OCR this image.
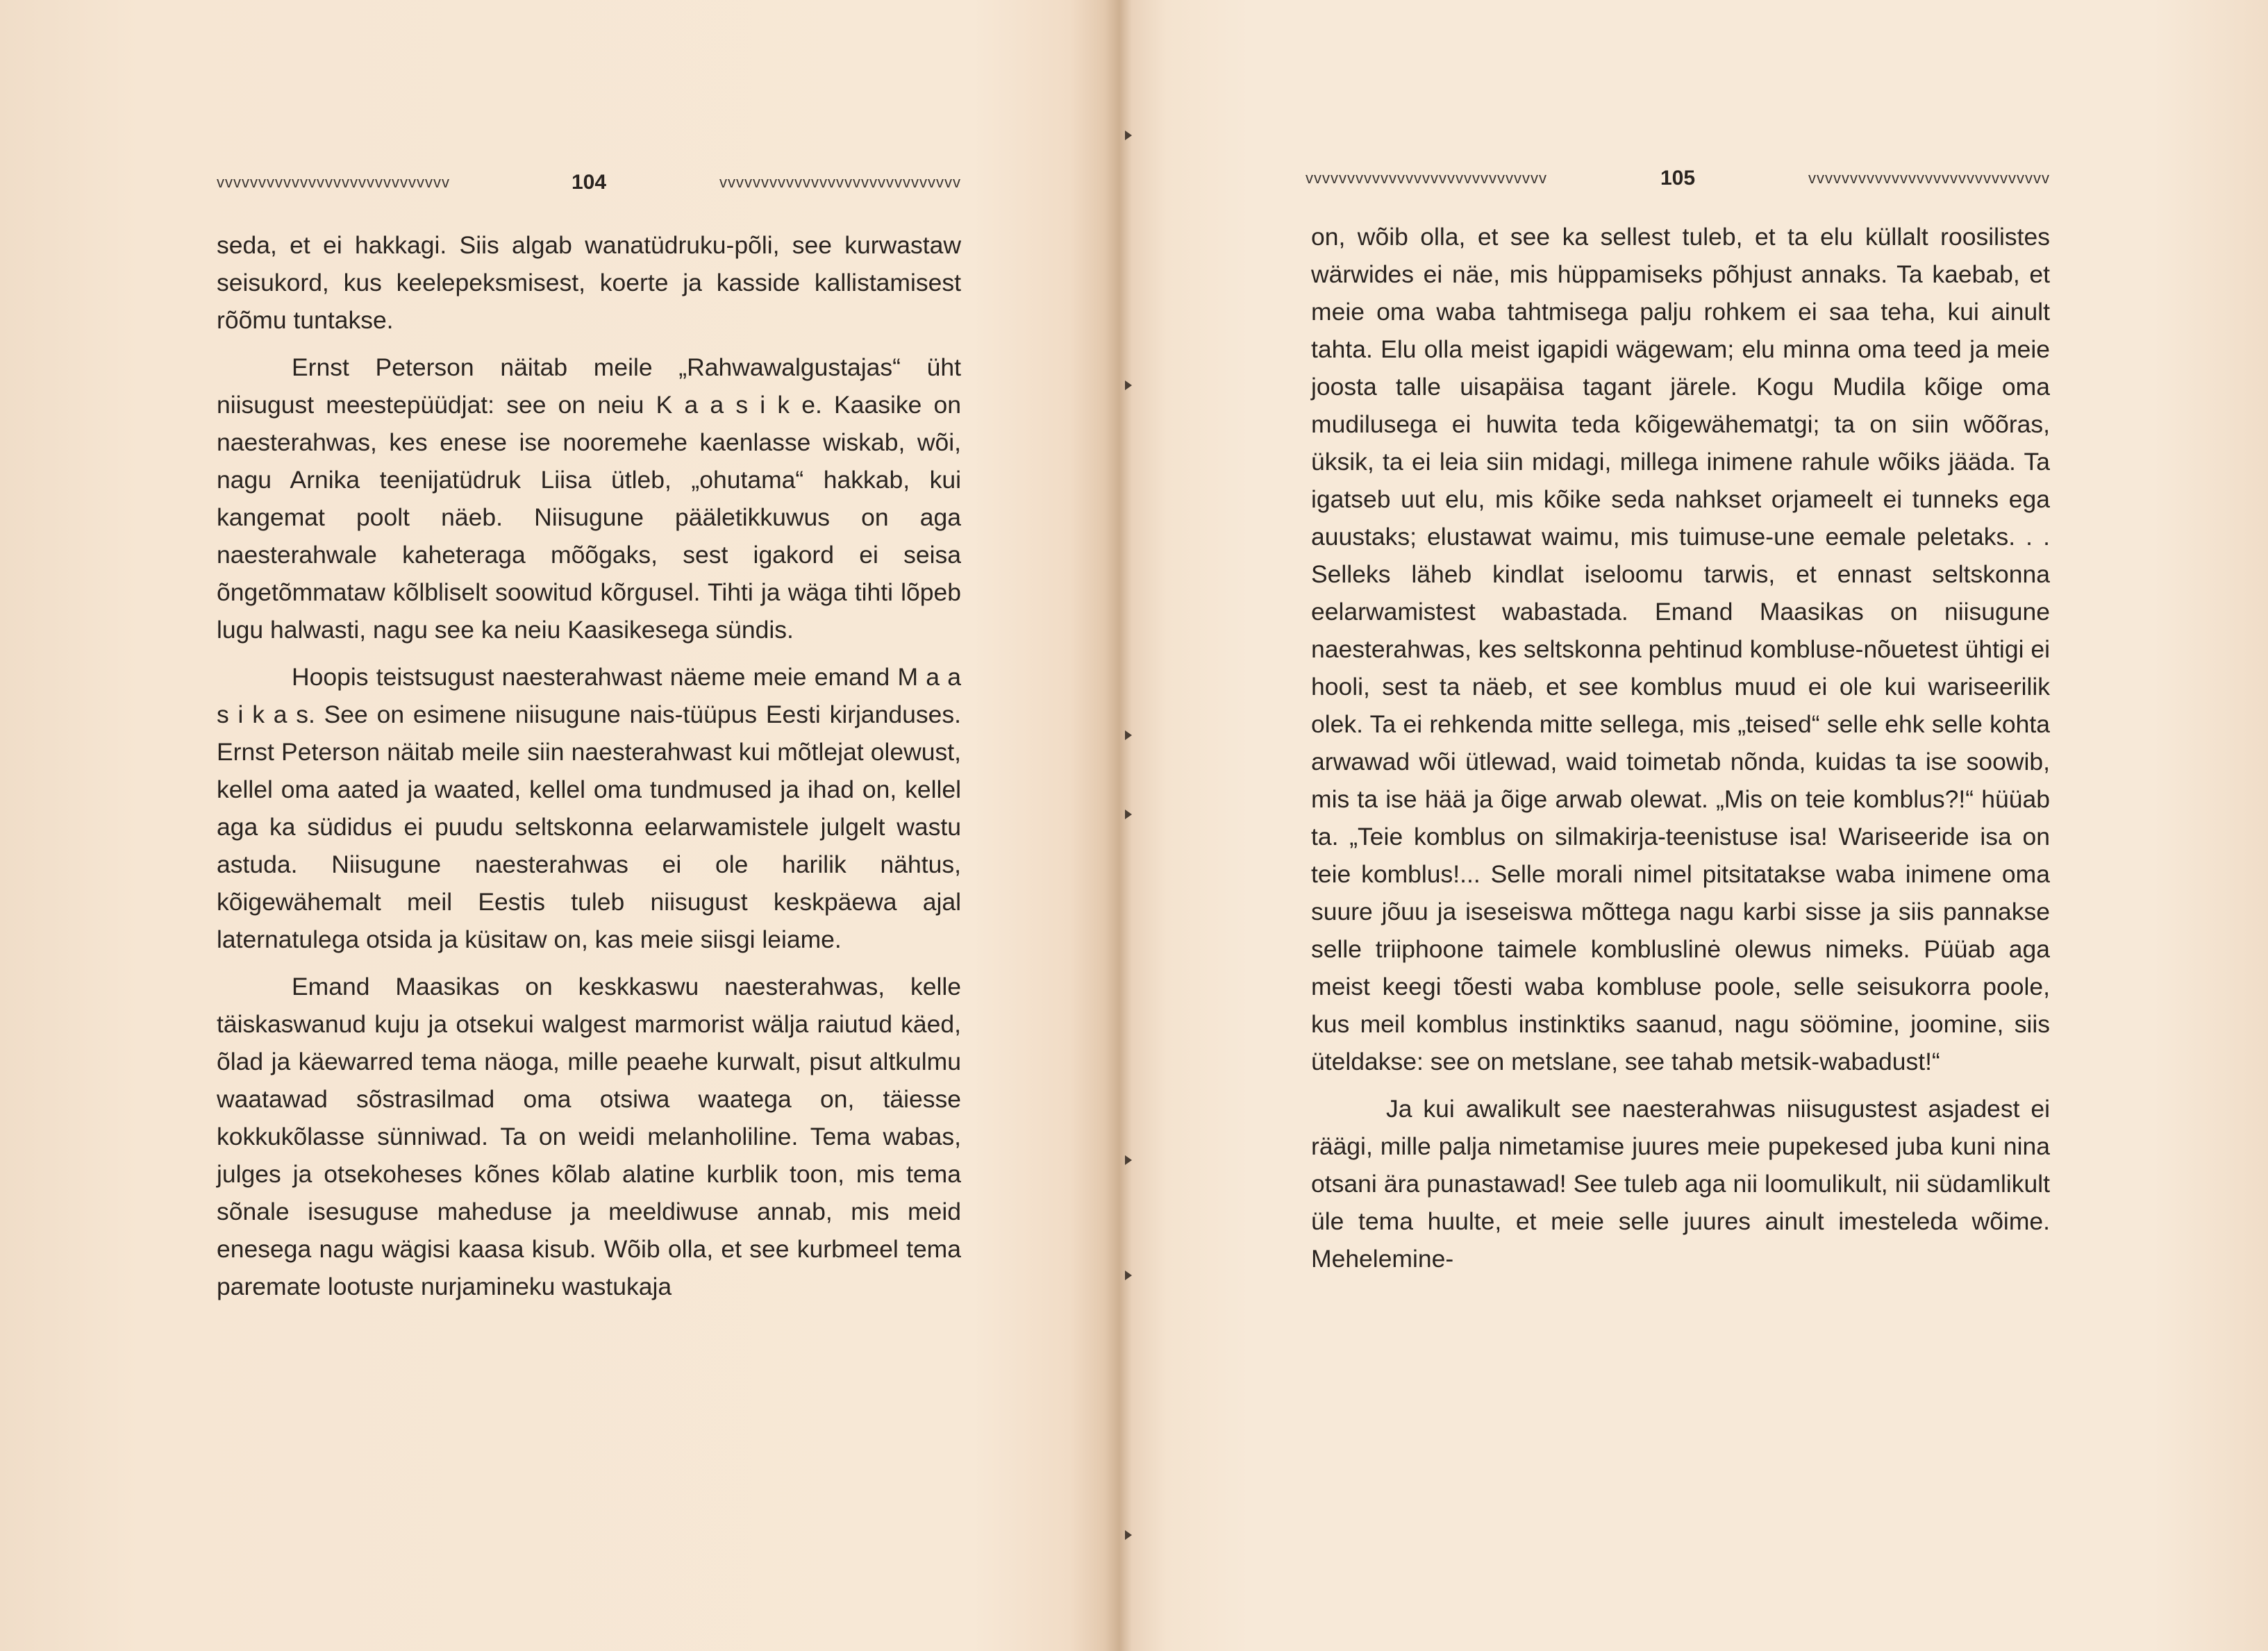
vvvvvvvvvvvvvvvvvvvvvvvvvvvv	104	vvvvvvvvvvvvvvvvvvvvvvvvvvvvv

seda, et ei hakkagi. Siis algab wanatüdruku-põli, see kurwastaw seisukord, kus keelepeksmisest, koerte ja kasside kallistamisest rõõmu tuntakse.

Ernst Peterson näitab meile „Rahwawalgustajas“ üht niisugust meestepüüdjat: see on neiu K a a s i k e. Kaasike on naesterahwas, kes enese ise nooremehe kaenlasse wiskab, wõi, nagu Arnika teenijatüdruk Liisa ütleb, „ohutama“ hakkab, kui kangemat poolt näeb. Niisugune pääletikkuwus on aga naesterahwale kaheteraga mõõgaks, sest igakord ei seisa õngetõmmataw kõlbliselt soowitud kõrgusel. Tihti ja wäga tihti lõpeb lugu halwasti, nagu see ka neiu Kaasikesega sündis.

Hoopis teistsugust naesterahwast näeme meie emand M a a s i k a s. See on esimene niisugune nais-tüüpus Eesti kirjanduses. Ernst Peterson näitab meile siin naesterahwast kui mõtlejat olewust, kellel oma aated ja waated, kellel oma tundmused ja ihad on, kellel aga ka südidus ei puudu seltskonna eelarwamistele julgelt wastu astuda. Niisugune naesterahwas ei ole harilik nähtus, kõigewähemalt meil Eestis tuleb niisugust keskpäewa ajal laternatulega otsida ja küsitaw on, kas meie siisgi leiame.

Emand Maasikas on keskkaswu naesterahwas, kelle täiskaswanud kuju ja otsekui walgest marmorist wälja raiutud käed, õlad ja käewarred tema näoga, mille peaehe kurwalt, pisut altkulmu waatawad sõstrasilmad oma otsiwa waatega on, täiesse kokkukõlasse sünniwad. Ta on weidi melanholiline. Tema wabas, julges ja otsekoheses kõnes kõlab alatine kurblik toon, mis tema sõnale isesuguse maheduse ja meeldiwuse annab, mis meid enesega nagu wägisi kaasa kisub. Wõib olla, et see kurbmeel tema paremate lootuste nurjamineku wastukaja

vvvvvvvvvvvvvvvvvvvvvvvvvvvvv	105	vvvvvvvvvvvvvvvvvvvvvvvvvvvvv

on, wõib olla, et see ka sellest tuleb, et ta elu küllalt roosilistes wärwides ei näe, mis hüppamiseks põhjust annaks. Ta kaebab, et meie oma waba tahtmisega palju rohkem ei saa teha, kui ainult tahta. Elu olla meist igapidi wägewam; elu minna oma teed ja meie joosta talle uisapäisa tagant järele. Kogu Mudila kõige oma mudilusega ei huwita teda kõigewähematgi; ta on siin wõõras, üksik, ta ei leia siin midagi, millega inimene rahule wõiks jääda. Ta igatseb uut elu, mis kõike seda nahkset orjameelt ei tunneks ega auustaks; elustawat waimu, mis tuimuse-une eemale peletaks. . . Selleks läheb kindlat iseloomu tarwis, et ennast seltskonna eelarwamistest wabastada. Emand Maasikas on niisugune naesterahwas, kes seltskonna pehtinud kombluse-nõuetest ühtigi ei hooli, sest ta näeb, et see komblus muud ei ole kui wariseerilik olek. Ta ei rehkenda mitte sellega, mis „teised“ selle ehk selle kohta arwawad wõi ütlewad, waid toimetab nõnda, kuidas ta ise soowib, mis ta ise hää ja õige arwab olewat. „Mis on teie komblus?!“ hüüab ta. „Teie komblus on silmakirja-teenistuse isa! Wariseeride isa on teie komblus!... Selle morali nimel pitsitatakse waba inimene oma suure jõuu ja iseseiswa mõttega nagu karbi sisse ja siis pannakse selle triiphoone taimele kombluslinė olewus nimeks. Püüab aga meist keegi tõesti waba kombluse poole, selle seisukorra poole, kus meil komblus instinktiks saanud, nagu söömine, joomine, siis üteldakse: see on metslane, see tahab metsik-wabadust!“

Ja kui awalikult see naesterahwas niisugustest asjadest ei räägi, mille palja nimetamise juures meie pupekesed juba kuni nina otsani ära punastawad! See tuleb aga nii loomulikult, nii südamlikult üle tema huulte, et meie selle juures ainult imesteleda wõime. Mehelemine-
